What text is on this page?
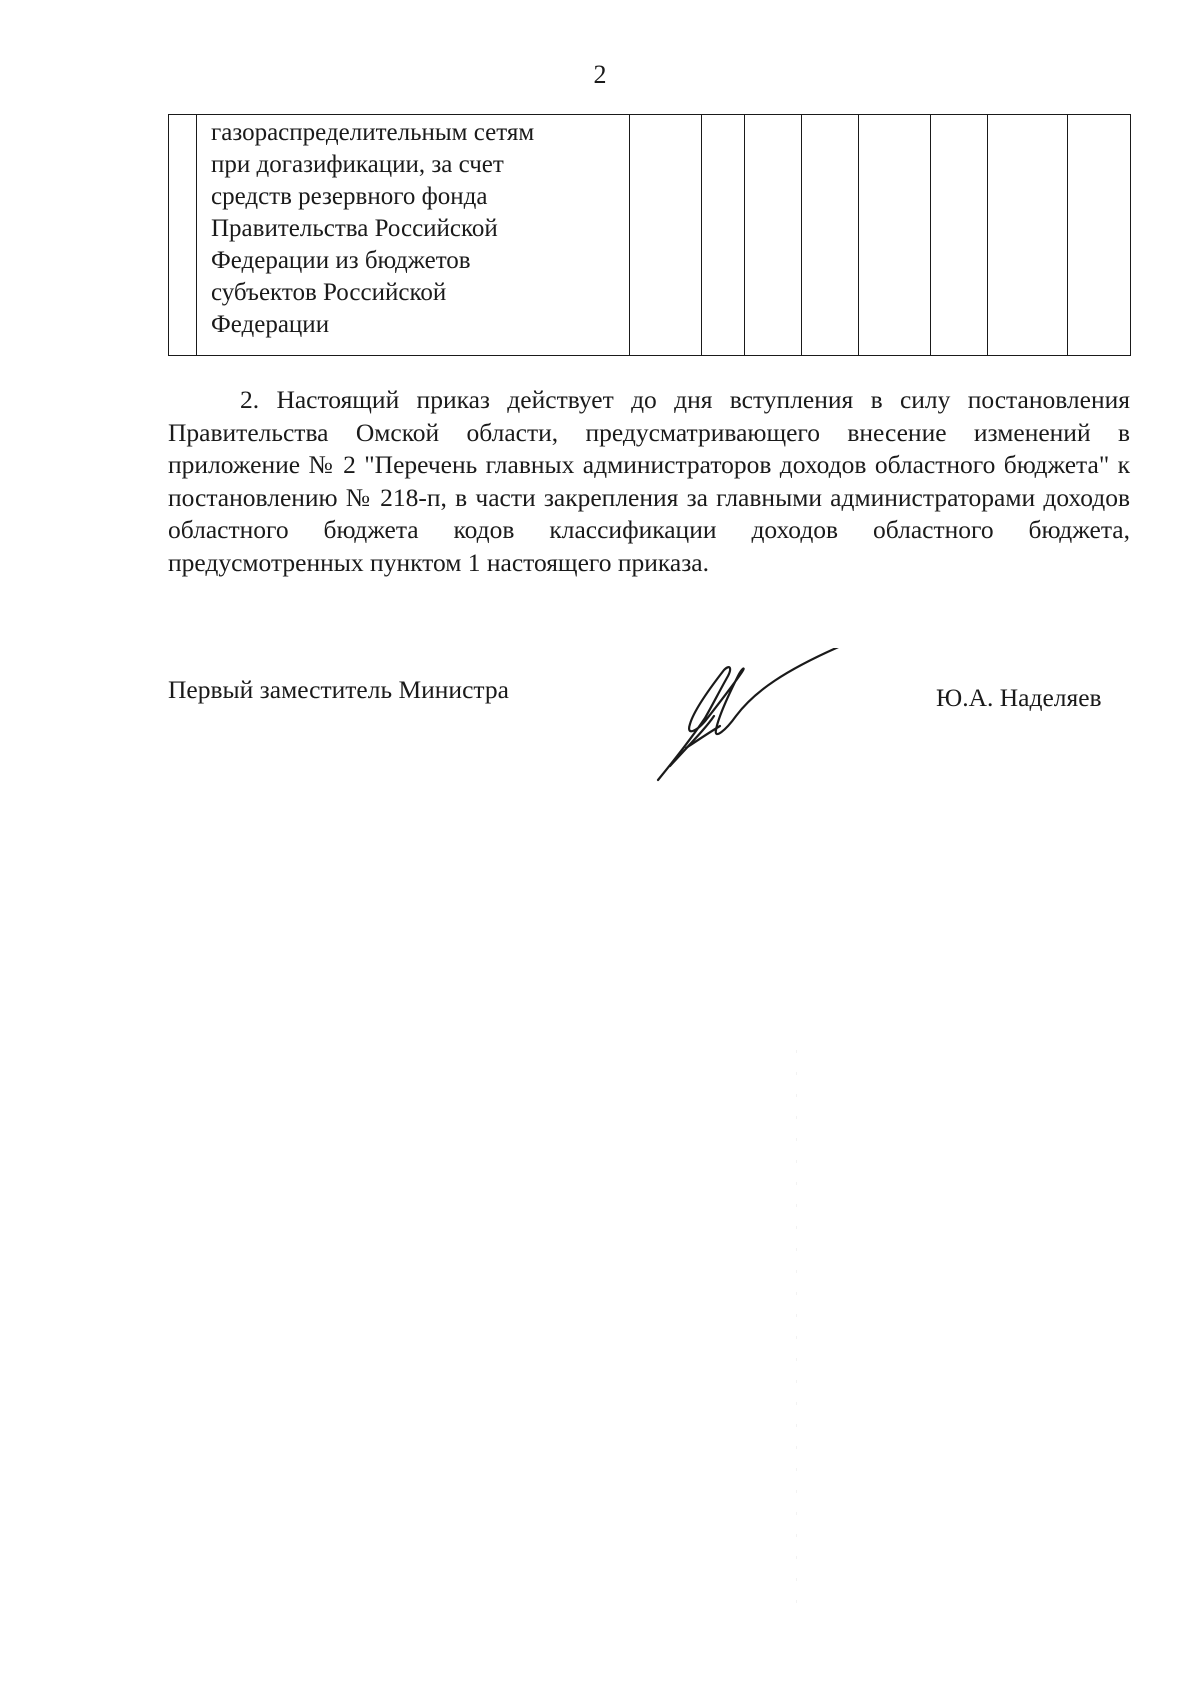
2
	газораспределительным сетям
при догазификации, за счет
средств резервного фонда
Правительства Российской
Федерации из бюджетов
субъектов Российской
Федерации								

2. Настоящий приказ действует до дня вступления в силу постановления Правительства Омской области, предусматривающего внесение изменений в приложение № 2 "Перечень главных администраторов доходов областного бюджета" к постановлению № 218-п, в части закрепления за главными администраторами доходов областного бюджета кодов классификации доходов областного бюджета, предусмотренных пунктом 1 настоящего приказа.

Первый заместитель Министра	Ю.А. Наделяев
